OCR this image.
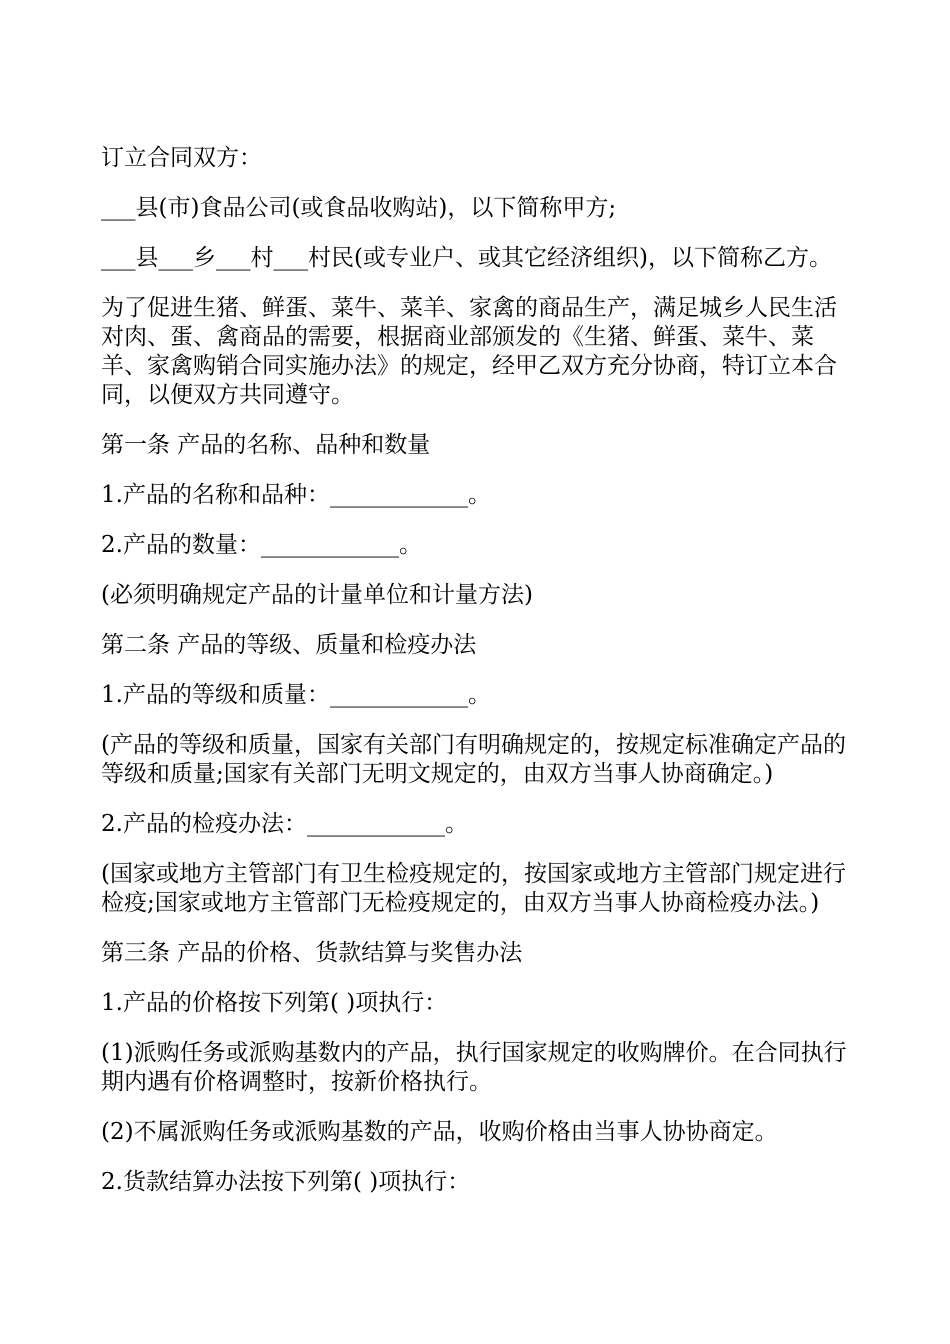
订立合同双方：

___县(市)食品公司(或食品收购站)，以下简称甲方;

___县___乡___村___村民(或专业户、或其它经济组织)，以下简称乙方。

为了促进生猪、鲜蛋、菜牛、菜羊、家禽的商品生产，满足城乡人民生活对肉、蛋、禽商品的需要，根据商业部颁发的《生猪、鲜蛋、菜牛、菜羊、家禽购销合同实施办法》的规定，经甲乙双方充分协商，特订立本合同，以便双方共同遵守。

第一条 产品的名称、品种和数量

1.产品的名称和品种：____________。

2.产品的数量：____________。

(必须明确规定产品的计量单位和计量方法)

第二条 产品的等级、质量和检疫办法

1.产品的等级和质量：____________。

(产品的等级和质量，国家有关部门有明确规定的，按规定标准确定产品的等级和质量;国家有关部门无明文规定的，由双方当事人协商确定。)

2.产品的检疫办法：____________。

(国家或地方主管部门有卫生检疫规定的，按国家或地方主管部门规定进行检疫;国家或地方主管部门无检疫规定的，由双方当事人协商检疫办法。)

第三条 产品的价格、货款结算与奖售办法

1.产品的价格按下列第( )项执行：

(1)派购任务或派购基数内的产品，执行国家规定的收购牌价。在合同执行期内遇有价格调整时，按新价格执行。

(2)不属派购任务或派购基数的产品，收购价格由当事人协协商定。

2.货款结算办法按下列第( )项执行：
